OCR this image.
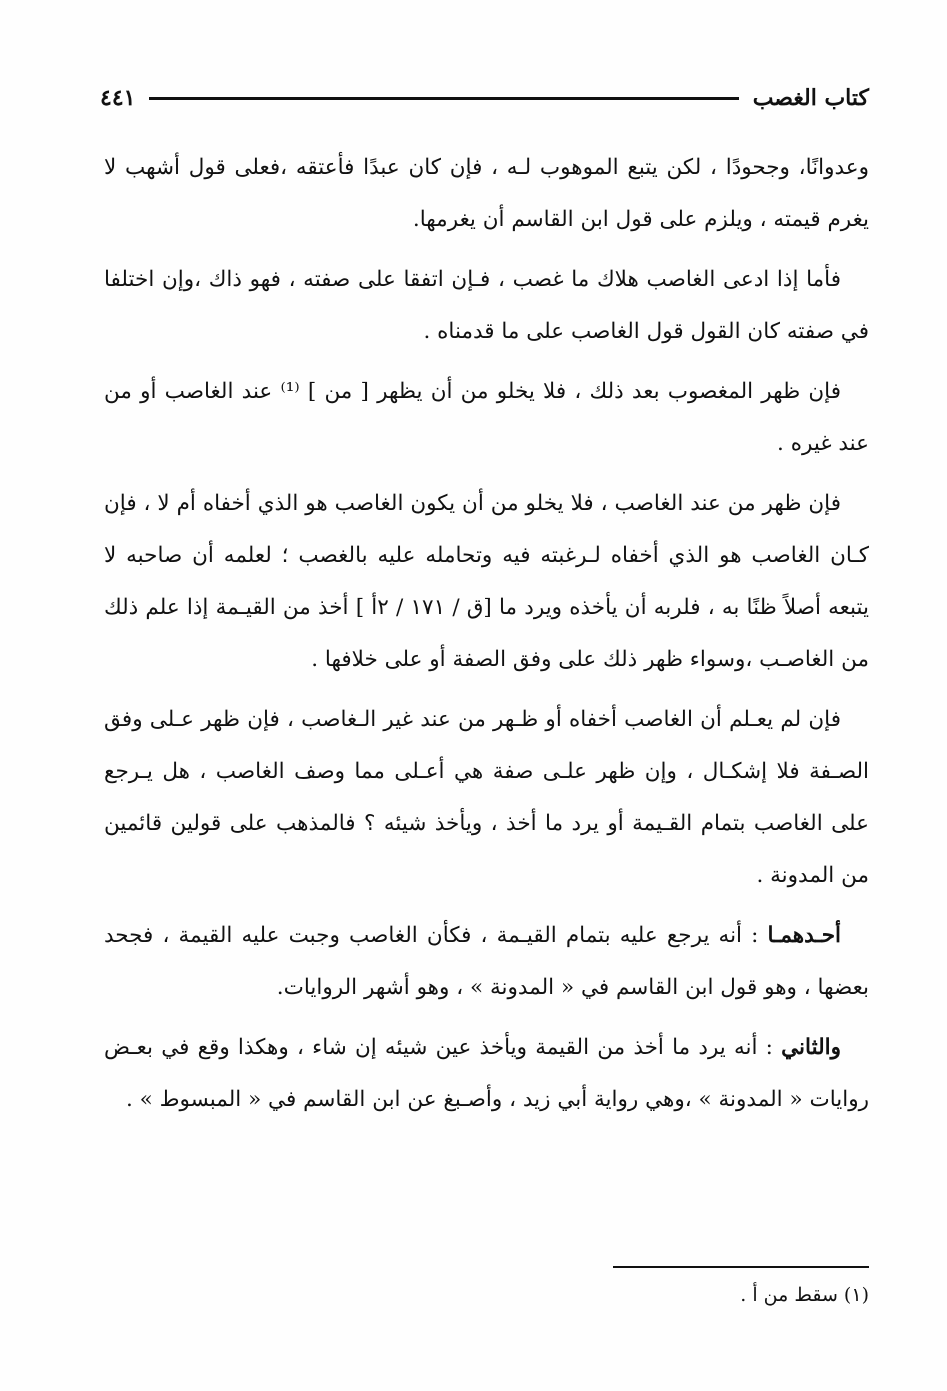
كتاب الغصب
٤٤١

وعدوانًا، وجحودًا ، لكن يتبع الموهوب لـه ، فإن كان عبدًا فأعتقه ،فعلى قول أشهب لا يغرم قيمته ، ويلزم على قول ابن القاسم أن يغرمها.

فأما إذا ادعى الغاصب هلاك ما غصب ، فـإن اتفقا على صفته ، فهو ذاك ،وإن اختلفا في صفته كان القول قول الغاصب على ما قدمناه .

فإن ظهر المغصوب بعد ذلك ، فلا يخلو من أن يظهر [ من ] ⁽¹⁾ عند الغاصب أو من عند غيره .

فإن ظهر من عند الغاصب ، فلا يخلو من أن يكون الغاصب هو الذي أخفاه أم لا ، فإن كـان الغاصب هو الذي أخفاه لـرغبته فيه وتحامله عليه بالغصب ؛ لعلمه أن صاحبه لا يتبعه أصلاً ظنًا به ، فلربه أن يأخذه ويرد ما [ق / ١٧١ / ٢أ ] أخذ من القيـمة إذا علم ذلك من الغاصـب ،وسواء ظهر ذلك على وفق الصفة أو على خلافها .

فإن لم يعـلم أن الغاصب أخفاه أو ظـهر من عند غير الـغاصب ، فإن ظهر عـلى وفق الصـفة فلا إشكـال ، وإن ظهر علـى صفة هي أعـلى مما وصف الغاصب ، هل يـرجع على الغاصب بتمام القـيمة أو يرد ما أخذ ، ويأخذ شيئه ؟ فالمذهب على قولين قائمين من المدونة .

أحـدهمـا : أنه يرجع عليه بتمام القيـمة ، فكأن الغاصب وجبت عليه القيمة ، فجحد بعضها ، وهو قول ابن القاسم في « المدونة » ، وهو أشهر الروايات.

والثاني : أنه يرد ما أخذ من القيمة ويأخذ عين شيئه إن شاء ، وهكذا وقع في بعـض روايات « المدونة » ،وهي رواية أبي زيد ، وأصـبغ عن ابن القاسم في « المبسوط » .

(١) سقط من أ .
